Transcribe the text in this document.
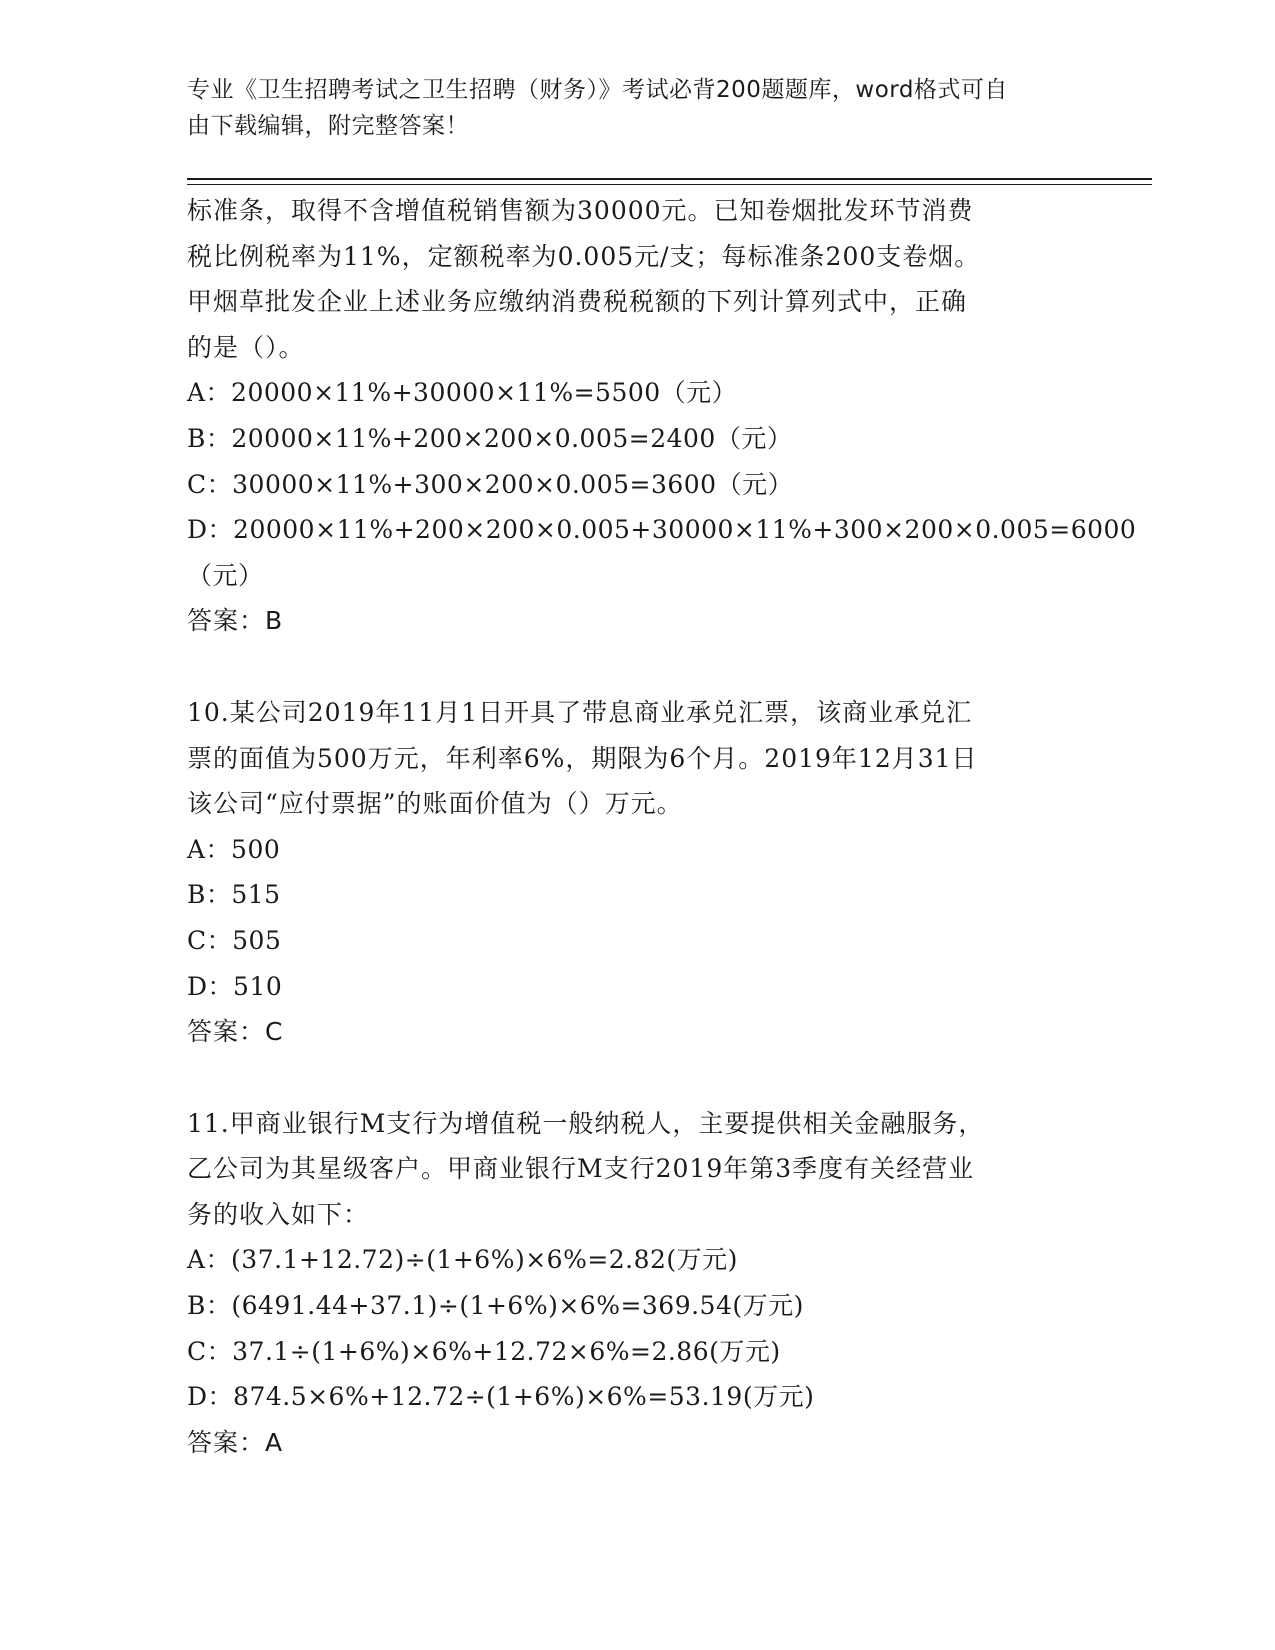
专业《卫生招聘考试之卫生招聘（财务）》考试必背200题题库，word格式可自
由下载编辑，附完整答案！
标准条，取得不含增值税销售额为30000元。已知卷烟批发环节消费
税比例税率为11%，定额税率为0.005元/支；每标准条200支卷烟。
甲烟草批发企业上述业务应缴纳消费税税额的下列计算列式中，正确
的是（）。
A：20000×11%+30000×11%=5500（元）
B：20000×11%+200×200×0.005=2400（元）
C：30000×11%+300×200×0.005=3600（元）
D：20000×11%+200×200×0.005+30000×11%+300×200×0.005=6000
（元）
答案：B
10.某公司2019年11月1日开具了带息商业承兑汇票，该商业承兑汇
票的面值为500万元，年利率6%，期限为6个月。2019年12月31日
该公司“应付票据”的账面价值为（）万元。
A：500
B：515
C：505
D：510
答案：C
11.甲商业银行M支行为增值税一般纳税人，主要提供相关金融服务，
乙公司为其星级客户。甲商业银行M支行2019年第3季度有关经营业
务的收入如下：
A：(37.1+12.72)÷(1+6%)×6%=2.82(万元)
B：(6491.44+37.1)÷(1+6%)×6%=369.54(万元)
C：37.1÷(1+6%)×6%+12.72×6%=2.86(万元)
D：874.5×6%+12.72÷(1+6%)×6%=53.19(万元)
答案：A
